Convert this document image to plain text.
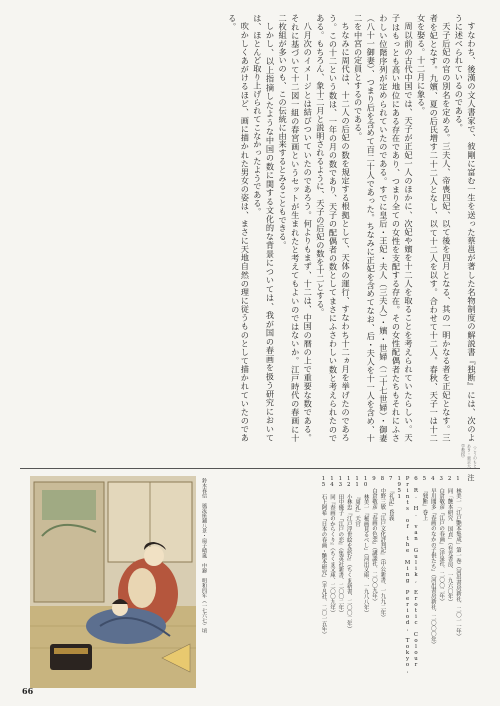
すなわち、後漢の文人書家で、彼剛に富む一生を送った蔡邕が著した名物制度の解説書『独断』には、次のように述べられているのである。

天子后妃の官の別名を定める。三夫人、帝喪四妃、以て後を四月となる、其の一明かなる者を正妃となす。三者を妃となす。九嬪、夏の后氏増す二十二人となし、以て十二人を以す。合わせて十二人。春秋、天子一は十二女を娶る。十二月に象る。

周以前の古代中国では、天子が正妃一人のほかに、次妃や嬪を十二人を取ることを考えられていたらしい。天子はもっとも高い地位にある存在であり、つまり全ての女性を支配する存在。その女性配偶者たちもそれにふさわしい位階序列が定められていたのである。すでに皇后・王妃・夫人（三夫人）・嬪・世婦（二十七世婦）・御妻（八十一御妻）、つまり后を含めて百二十人であった。ちなみに正妃を含めてなお、后・夫人を十一人を含め、十二を中宮の定員とするのである。

ちなみに周代は、十二人の后妃の数を規定する根拠として、天体の運行、すなわち十二ヵ月を挙げたのであろう。この十二という数は、一年の月の数であり、天子の配偶者の数としてまさにふさわしい数と考えられたのである。もちろん、象十二月と説明されるように、天子の后妃の数を十二とする。

八月次のイメージとは結びついていたのであろう。何よりもまず、十二は、中国の暦の上で重要な数である。それに基づいて十二図一組の春宮画というセットが生まれたと考えてもよいのではないか。江戸時代の春画に十二枚組が多いのも、この伝統に由来するとみることもできる。

しかし、以上指摘したような中国の数に関する文化的な背景については、我が国の春画を扱う研究においては、ほとんど取り上げられてこなかったようである。

吹かしくあがけるほど、画に描かれた男女の姿は、まさに天地自然の理に従うものとして描かれていたのである。

（こうのもとあき・東京大学教授）
注

1 林美一「江戸艶本集成」第一巻（河出書房新社、二〇一一年）

2 同「艶本研究 国貞」（有光書房、一九六〇年）

3 白倉敬彦『江戸の春画』（洋泉社、二〇〇二年）

4 早川聞多『春画のなかの子供たち』（河出書房新社、二〇〇〇年）

5 『独断』巻上

6 R. H. van Gulik, Erotic Colour Prints of the Ming Period, Tokyo, 1951

7 『礼記』昏義

8 中野三敏『江戸文化評判記』（中公新書、一九九二年）

9 白倉敬彦『春画の色恋』（講談社、二〇〇九年）

10 林美一『秘画見るべし』（河出文庫、一九八八年）

11 『周礼』天官

12 小林忠『江戸浮世絵を読む』（ちくま新書、二〇〇二年）

13 田中優子『江戸の恋』（集英社新書、二〇〇二年）

14 同『春画のからくり』（ちくま文庫、二〇〇九年）

15 石上阿希『日本の春画・艶本研究』（平凡社、二〇一五年）

鈴木春信　風流座鋪八景・扇子晴嵐　中錦　明和四年（一七六七）頃
66
